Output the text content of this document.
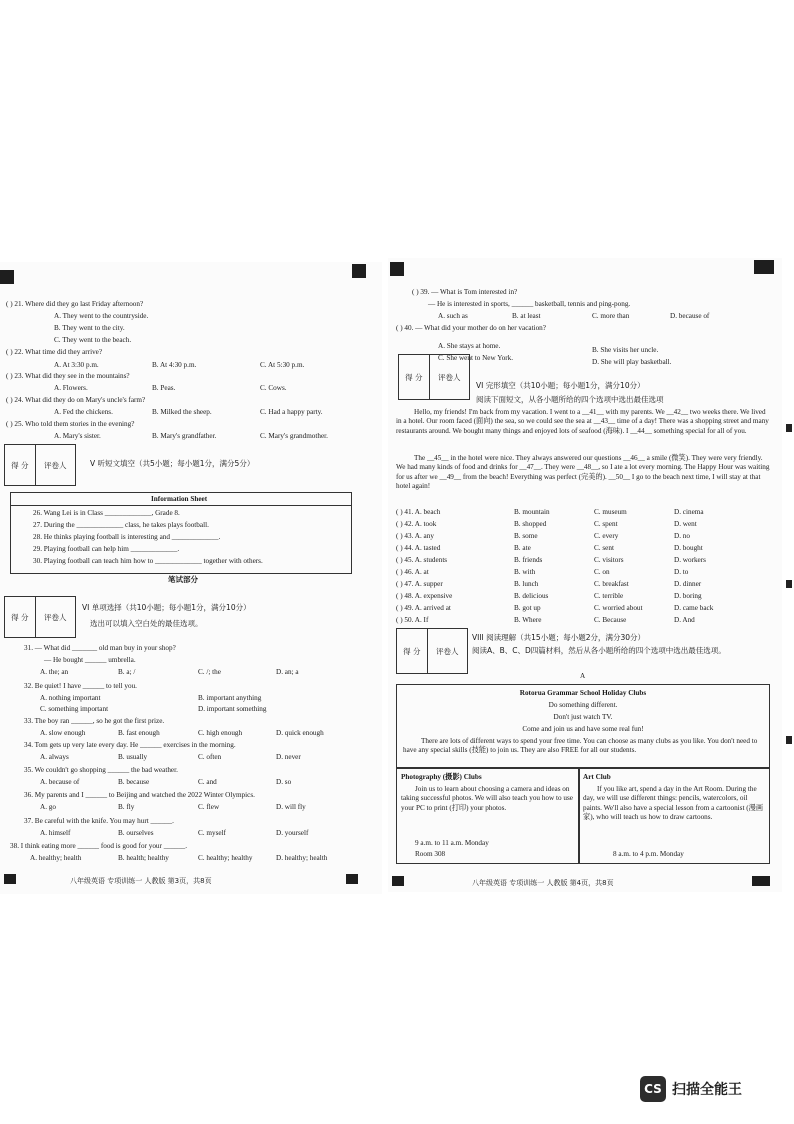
( ) 21. Where did they go last Friday afternoon?
A. They went to the countryside.
B. They went to the city.
C. They went to the beach.
( ) 22. What time did they arrive?
A. At 3:30 p.m.	B. At 4:30 p.m.	C. At 5:30 p.m.
( ) 23. What did they see in the mountains?
A. Flowers.	B. Peas.	C. Cows.
( ) 24. What did they do on Mary's uncle's farm?
A. Fed the chickens.	B. Milked the sheep.	C. Had a happy party.
( ) 25. Who told them stories in the evening?
A. Mary's sister.	B. Mary's grandfather.	C. Mary's grandmother.
得 分	评卷人	V 听短文填空（共5小题；每小题1分，满分5分）
Information Sheet
26. Wang Lei is in Class _____________, Grade 8.
27. During the _____________ class, he takes plays football.
28. He thinks playing football is interesting and _____________.
29. Playing football can help him _____________.
30. Playing football can teach him how to _____________ together with others.
笔试部分
得 分	评卷人
VI 单项选择（共10小题；每小题1分，满分10分）
选出可以填入空白处的最佳选项。
31. — What did _______ old man buy in your shop?
— He bought ______ umbrella.
A. the; an	B. a; /	C. /; the	D. an; a
32. Be quiet! I have ______ to tell you.
A. nothing important	B. important anything
C. something important	D. important something
33. The boy ran ______, so he got the first prize.
A. slow enough	B. fast enough	C. high enough	D. quick enough
34. Tom gets up very late every day. He ______ exercises in the morning.
A. always	B. usually	C. often	D. never
35. We couldn't go shopping ______ the bad weather.
A. because of	B. because	C. and	D. so
36. My parents and I ______ to Beijing and watched the 2022 Winter Olympics.
A. go	B. fly	C. flew	D. will fly
37. Be careful with the knife. You may hurt ______.
A. himself	B. ourselves	C. myself	D. yourself
38. I think eating more ______ food is good for your ______.
A. healthy; health	B. health; healthy	C. healthy; healthy	D. healthy; health
八年级英语 专项训练一 人教版 第3页，共8页
( ) 39. — What is Tom interested in?
— He is interested in sports, ______ basketball, tennis and ping-pong.
A. such as	B. at least	C. more than	D. because of
( ) 40. — What did your mother do on her vacation?
A. She stays at home.	B. She visits her uncle.
C. She went to New York.	D. She will play basketball.
得 分	评卷人
VI 完形填空（共10小题；每小题1分，满分10分）
阅读下面短文，从各小题所给的四个选项中选出最佳选项
Hello, my friends! I'm back from my vacation. I went to a __41__ with my parents. We __42__ two weeks there. We lived in a hotel. Our room faced (面向) the sea, so we could see the sea at __43__ time of a day! There was a shopping street and many restaurants around. We bought many things and enjoyed lots of seafood (海味). I __44__ something special for all of you.
The __45__ in the hotel were nice. They always answered our questions __46__ a smile (微笑). They were very friendly. We had many kinds of food and drinks for __47__. They were __48__, so I ate a lot every morning. The Happy Hour was waiting for us after we __49__ from the beach! Everything was perfect (完美的). __50__ I go to the beach next time, I will stay at that hotel again!
( ) 41. A. beach	B. mountain	C. museum	D. cinema
( ) 42. A. took	B. shopped	C. spent	D. went
( ) 43. A. any	B. some	C. every	D. no
( ) 44. A. tasted	B. ate	C. sent	D. bought
( ) 45. A. students	B. friends	C. visitors	D. workers
( ) 46. A. at	B. with	C. on	D. to
( ) 47. A. supper	B. lunch	C. breakfast	D. dinner
( ) 48. A. expensive	B. delicious	C. terrible	D. boring
( ) 49. A. arrived at	B. got up	C. worried about	D. came back
( ) 50. A. If	B. Where	C. Because	D. And
得 分	评卷人
VIII 阅读理解（共15小题；每小题2分，满分30分）
阅读A、B、C、D四篇材料，然后从各小题所给的四个选项中选出最佳选项。
A
Rotorua Grammar School Holiday Clubs
Do something different.
Don't just watch TV.
Come and join us and have some real fun!
There are lots of different ways to spend your free time. You can choose as many clubs as you like. You don't need to have any special skills (技能) to join us. They are also FREE for all our students.
Photography (摄影) Clubs
Join us to learn about choosing a camera and ideas on taking successful photos. We will also teach you how to use your PC to print (打印) your photos.
9 a.m. to 11 a.m. Monday
Room 308
Art Club
If you like art, spend a day in the Art Room. During the day, we will use different things: pencils, watercolors, oil paints. We'll also have a special lesson from a cartoonist (漫画家), who will teach us how to draw cartoons.
8 a.m. to 4 p.m. Monday
八年级英语 专项训练一 人教版 第4页，共8页
CS 扫描全能王
